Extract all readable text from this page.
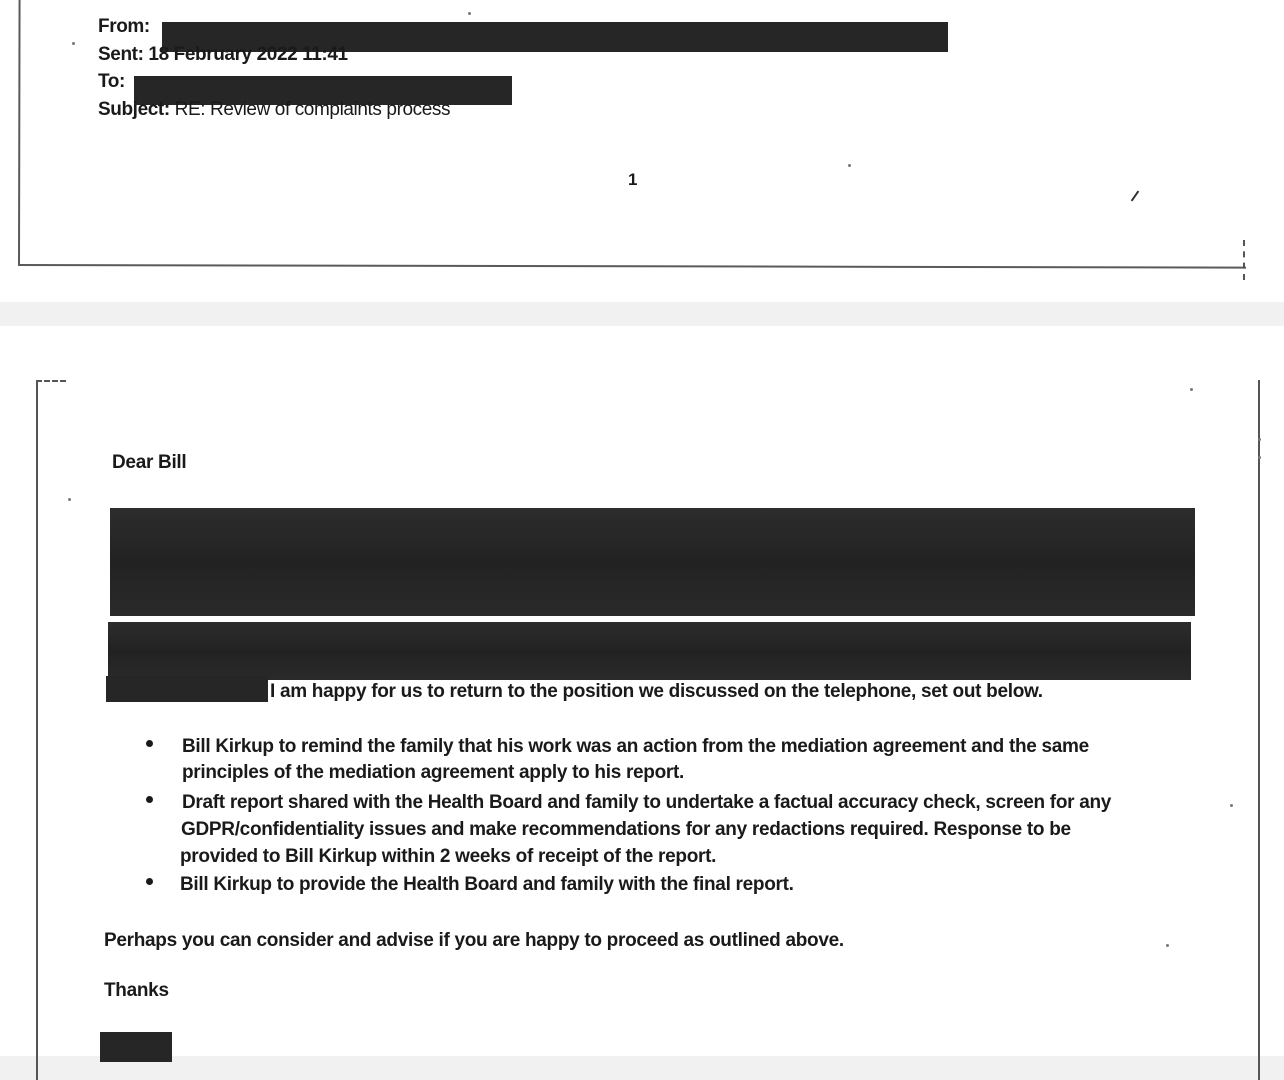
From:
Sent: 18 February 2022 11:41
To:
Subject: RE: Review of complaints process
1
Dear Bill
I am happy for us to return to the position we discussed on the telephone, set out below.
Bill Kirkup to remind the family that his work was an action from the mediation agreement and the same
principles of the mediation agreement apply to his report.
Draft report shared with the Health Board and family to undertake a factual accuracy check, screen for any
GDPR/confidentiality issues and make recommendations for any redactions required. Response to be
provided to Bill Kirkup within 2 weeks of receipt of the report.
Bill Kirkup to provide the Health Board and family with the final report.
Perhaps you can consider and advise if you are happy to proceed as outlined above.
Thanks
